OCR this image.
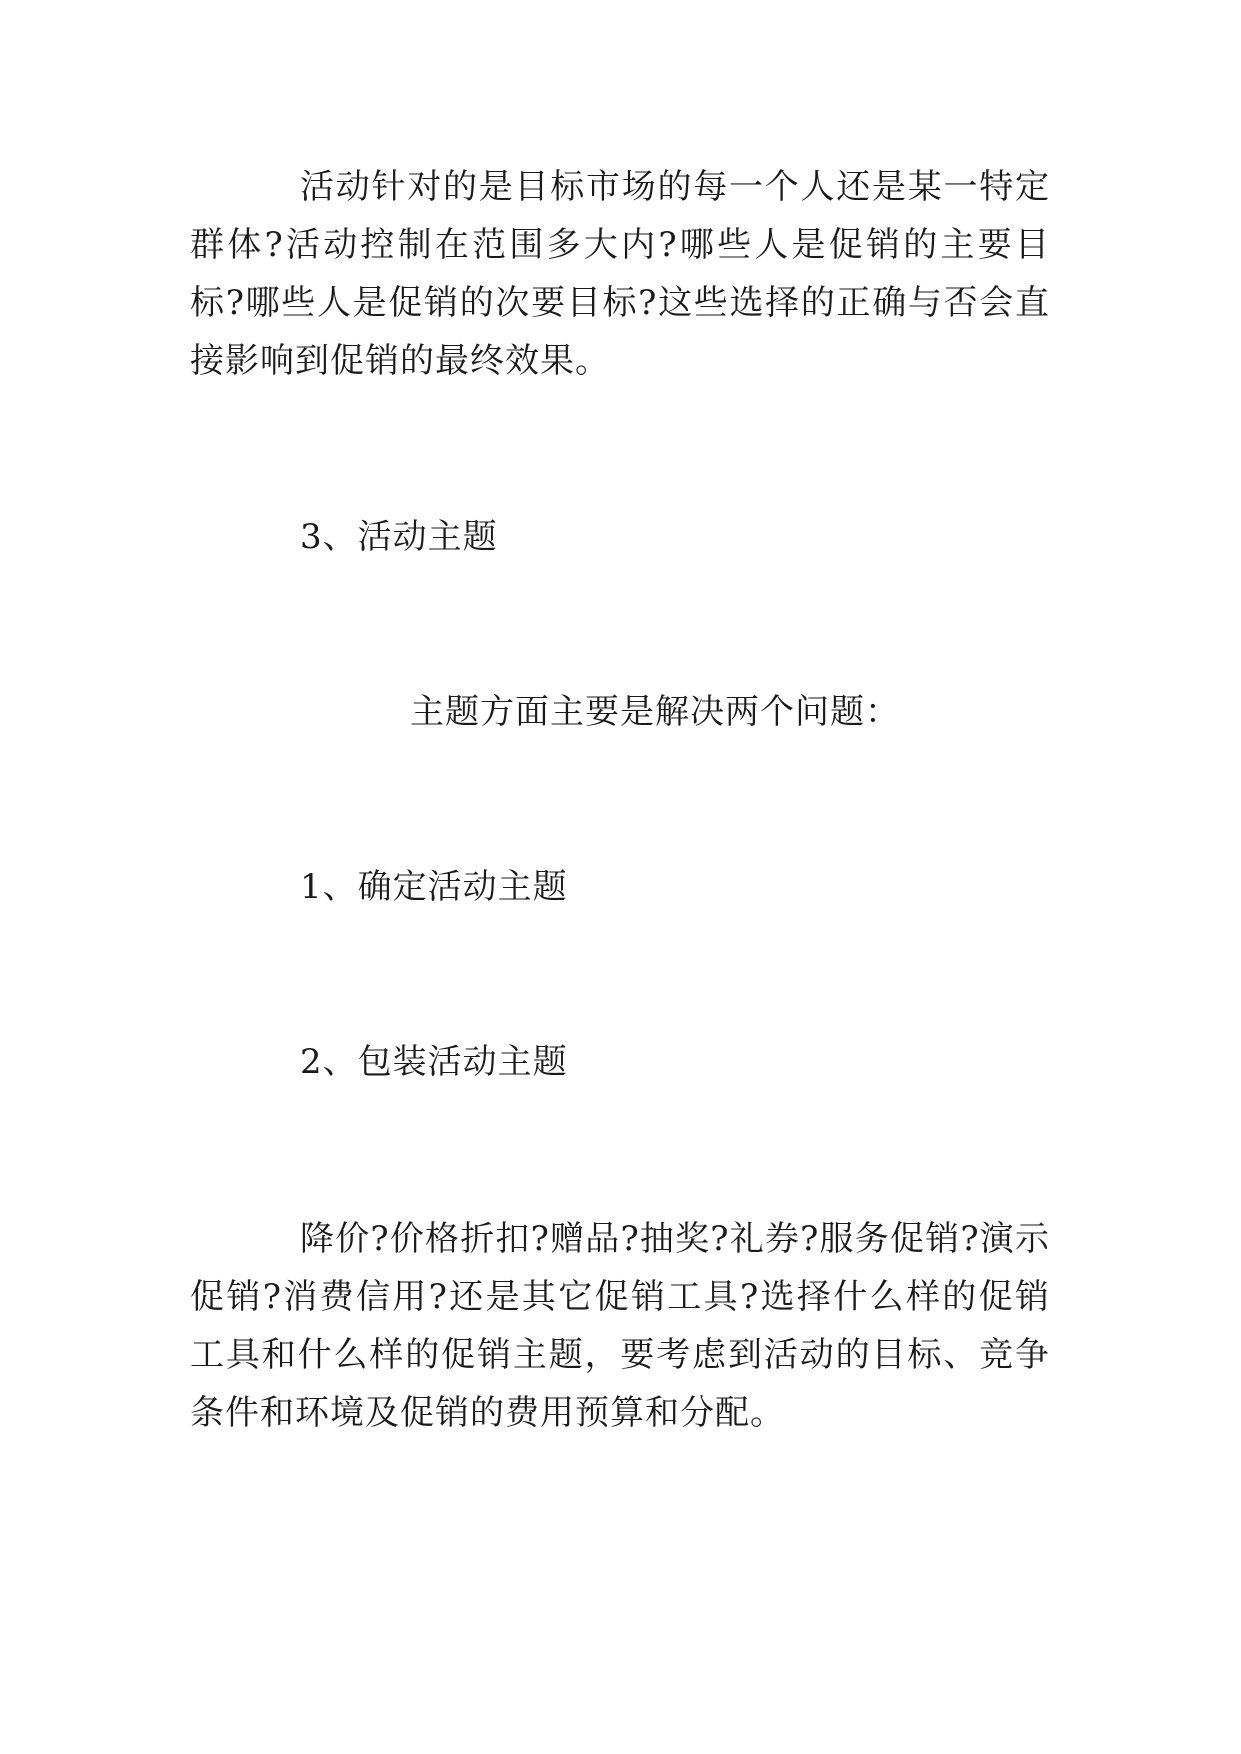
活动针对的是目标市场的每一个人还是某一特定群体?活动控制在范围多大内?哪些人是促销的主要目标?哪些人是促销的次要目标?这些选择的正确与否会直接影响到促销的最终效果。

3、活动主题

主题方面主要是解决两个问题：

1、确定活动主题

2、包装活动主题

降价?价格折扣?赠品?抽奖?礼券?服务促销?演示促销?消费信用?还是其它促销工具?选择什么样的促销工具和什么样的促销主题，要考虑到活动的目标、竞争条件和环境及促销的费用预算和分配。
